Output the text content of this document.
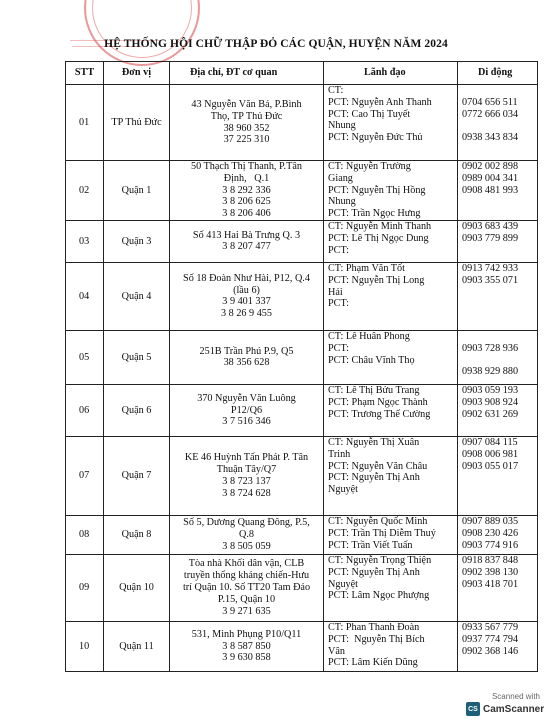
HỆ THỐNG HỘI CHỮ THẬP ĐỎ CÁC QUẬN, HUYỆN NĂM 2024
STT	Đơn vị	Địa chỉ, ĐT cơ quan	Lãnh đạo	Di động
01	TP Thủ Đức	43 Nguyễn Văn Bá, P.Bình
Thọ, TP Thủ Đức
38 960 352
37 225 310	CT:
PCT: Nguyễn Anh Thanh
PCT: Cao Thị Tuyết
Nhung
PCT: Nguyễn Đức Thủ	0704 656 511
0772 666 034

0938 343 834

02	Quận 1	50 Thạch Thị Thanh, P.Tân
Định,   Q.1
3 8 292 336
3 8 206 625
3 8 206 406	CT: Nguyễn Trường
Giang
PCT: Nguyễn Thị Hồng
Nhung
PCT: Trần Ngọc Hưng	0902 002 898
0989 004 341
0908 481 993

03	Quận 3	Số 413 Hai Bà Trưng Q. 3
3 8 207 477	CT: Nguyễn Minh Thanh
PCT: Lê Thị Ngọc Dung
PCT:	0903 683 439
0903 779 899

04	Quận 4	Số 18 Đoàn Như Hài, P12, Q.4
(lầu 6)
3 9 401 337
3 8 26 9 455	CT: Phạm Văn Tốt
PCT: Nguyễn Thị Long
Hải
PCT:	0913 742 933
0903 355 071

05	Quận 5	251B Trần Phú P.9, Q5
38 356 628	CT: Lê Huân Phong
PCT:
PCT: Châu Vĩnh Thọ	0903 728 936

0938 929 880

06	Quận 6	370 Nguyễn Văn Luông
P12/Q6
3 7 516 346	CT: Lê Thị Bửu Trang
PCT: Phạm Ngọc Thành
PCT: Trương Thế Cường	0903 059 193
0903 908 924
0902 631 269

07	Quận 7	KE 46 Huỳnh Tấn Phát P. Tân
Thuận Tây/Q7
3 8 723 137
3 8 724 628	CT: Nguyễn Thị Xuân
Trinh
PCT: Nguyễn Văn Châu
PCT: Nguyễn Thị Anh
Nguyệt	0907 084 115
0908 006 981
0903 055 017

08	Quận 8	Số 5, Dương Quang Đông, P.5,
Q.8
3 8 505 059	CT: Nguyễn Quốc Minh
PCT: Trần Thị Diễm Thuý
PCT: Trần Viết Tuấn	0907 889 035
0908 230 426
0903 774 916

09	Quận 10	Tòa nhà Khối dân vận, CLB
truyền thống kháng chiến-Hưu
trí Quận 10. Số TT20 Tam Đảo
P.15, Quận 10
3 9 271 635	CT: Nguyễn Trọng Thiện
PCT: Nguyễn Thị Anh
Nguyệt
PCT: Lâm Ngọc Phượng	0918 837 848
0902 398 130
0903 418 701

10	Quận 11	531, Minh Phụng P10/Q11
3 8 587 850
3 9 630 858	CT: Phan Thanh Đoàn
PCT:  Nguyễn Thị Bích
Vân
PCT: Lâm Kiến Dũng	0933 567 779
0937 774 794
0902 368 146
Scanned with
CS CamScanner
